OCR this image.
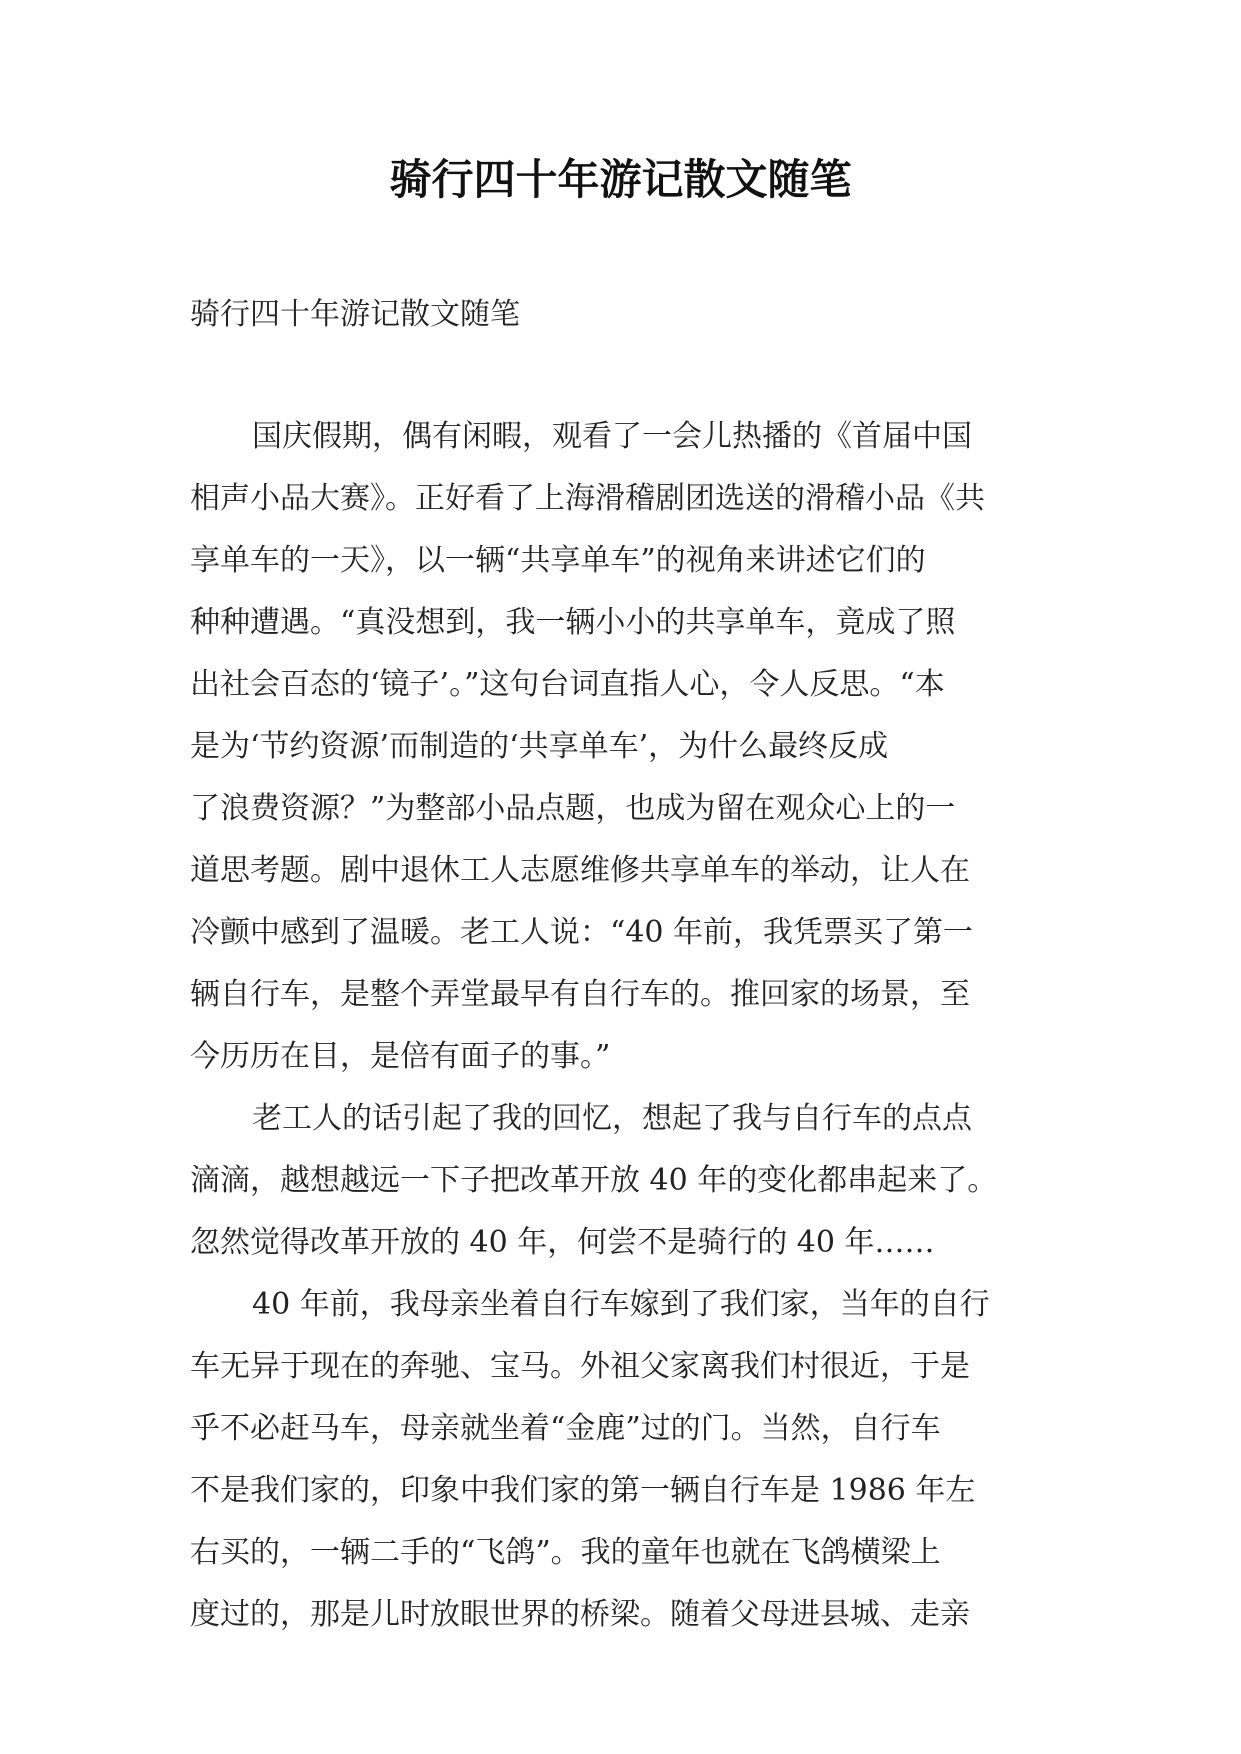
骑行四十年游记散文随笔

骑行四十年游记散文随笔

国庆假期，偶有闲暇，观看了一会儿热播的《首届中国
相声小品大赛》。正好看了上海滑稽剧团选送的滑稽小品《共
享单车的一天》，以一辆“共享单车”的视角来讲述它们的
种种遭遇。“真没想到，我一辆小小的共享单车，竟成了照
出社会百态的‘镜子’。”这句台词直指人心，令人反思。“本
是为‘节约资源’而制造的‘共享单车’，为什么最终反成
了浪费资源？”为整部小品点题，也成为留在观众心上的一
道思考题。剧中退休工人志愿维修共享单车的举动，让人在
冷颤中感到了温暖。老工人说：“40 年前，我凭票买了第一
辆自行车，是整个弄堂最早有自行车的。推回家的场景，至
今历历在目，是倍有面子的事。”
老工人的话引起了我的回忆，想起了我与自行车的点点
滴滴，越想越远一下子把改革开放 40 年的变化都串起来了。
忽然觉得改革开放的 40 年，何尝不是骑行的 40 年……
40 年前，我母亲坐着自行车嫁到了我们家，当年的自行
车无异于现在的奔驰、宝马。外祖父家离我们村很近，于是
乎不必赶马车，母亲就坐着“金鹿”过的门。当然，自行车
不是我们家的，印象中我们家的第一辆自行车是 1986 年左
右买的，一辆二手的“飞鸽”。我的童年也就在飞鸽横梁上
度过的，那是儿时放眼世界的桥梁。随着父母进县城、走亲
